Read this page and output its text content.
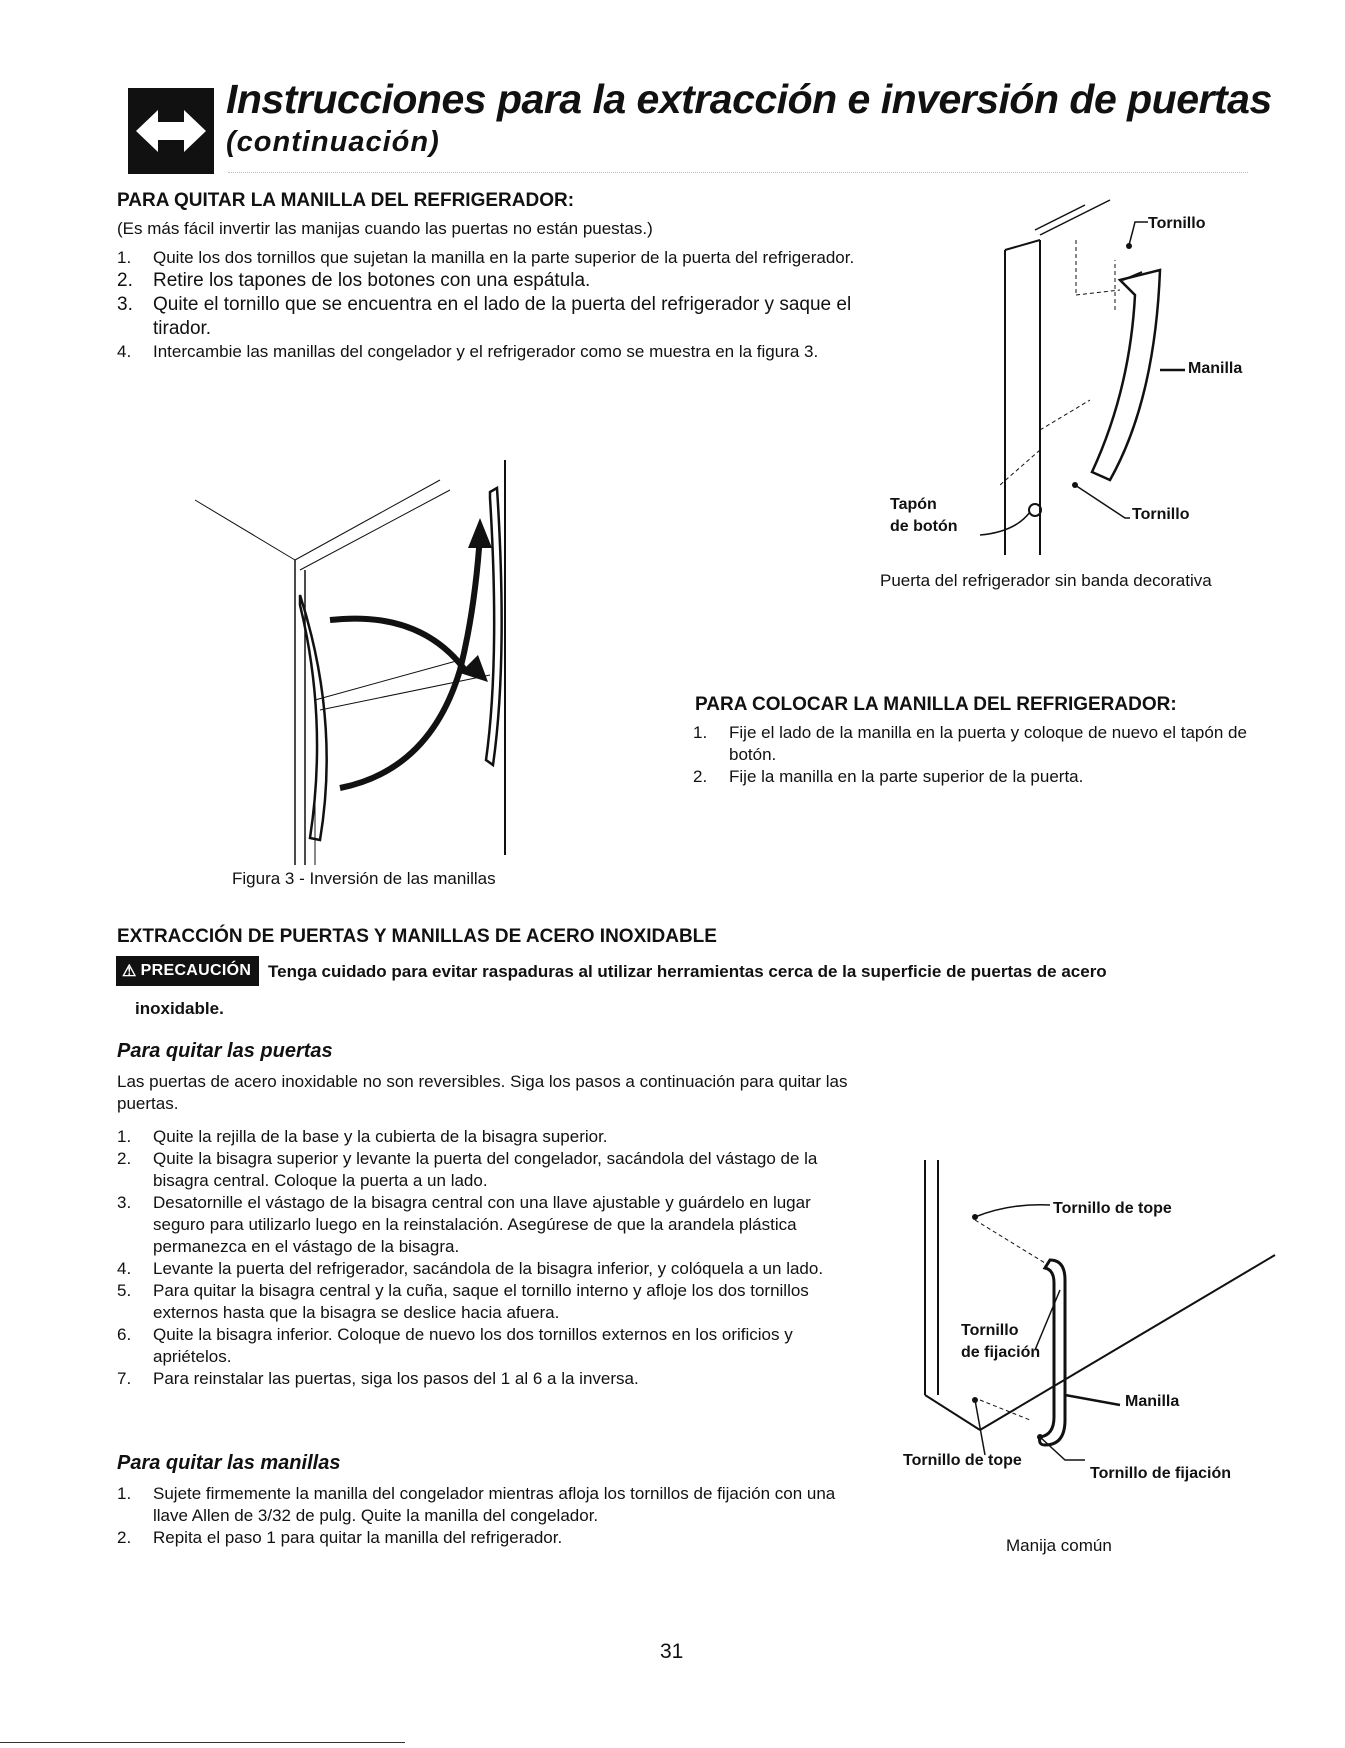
Instrucciones para la extracción e inversión de puertas
(continuación)
PARA QUITAR LA MANILLA DEL REFRIGERADOR:
(Es más fácil invertir las manijas cuando las puertas no están puestas.)
1. Quite los dos tornillos que sujetan la manilla en la parte superior de la puerta del refrigerador.
2. Retire los tapones de los botones con una espátula.
3. Quite el tornillo que se encuentra en el lado de la puerta del refrigerador y saque el tirador.
4. Intercambie las manillas del congelador y el refrigerador como se muestra en la figura 3.
Tornillo
Manilla
Tapón
de botón
Tornillo
Puerta del refrigerador sin banda decorativa
Figura 3 - Inversión de las manillas
PARA COLOCAR LA MANILLA DEL REFRIGERADOR:
1. Fije el lado de la manilla en la puerta y coloque de nuevo el tapón de botón.
2. Fije la manilla en la parte superior de la puerta.
EXTRACCIÓN DE PUERTAS Y MANILLAS DE ACERO INOXIDABLE
⚠ PRECAUCIÓN Tenga cuidado para evitar raspaduras al utilizar herramientas cerca de la superficie de puertas de acero
inoxidable.
Para quitar las puertas
Las puertas de acero inoxidable no son reversibles. Siga los pasos a continuación para quitar las puertas.
1. Quite la rejilla de la base y la cubierta de la bisagra superior.
2. Quite la bisagra superior y levante la puerta del congelador, sacándola del vástago de la bisagra central. Coloque la puerta a un lado.
3. Desatornille el vástago de la bisagra central con una llave ajustable y guárdelo en lugar seguro para utilizarlo luego en la reinstalación. Asegúrese de que la arandela plástica permanezca en el vástago de la bisagra.
4. Levante la puerta del refrigerador, sacándola de la bisagra inferior, y colóquela a un lado.
5. Para quitar la bisagra central y la cuña, saque el tornillo interno y afloje los dos tornillos externos hasta que la bisagra se deslice hacia afuera.
6. Quite la bisagra inferior. Coloque de nuevo los dos tornillos externos en los orificios y apriételos.
7. Para reinstalar las puertas, siga los pasos del 1 al 6 a la inversa.
Para quitar las manillas
1. Sujete firmemente la manilla del congelador mientras afloja los tornillos de fijación con una llave Allen de 3/32 de pulg. Quite la manilla del congelador.
2. Repita el paso 1 para quitar la manilla del refrigerador.
Tornillo de tope
Tornillo
de fijación
Manilla
Tornillo de tope
Tornillo de fijación
Manija común
31
